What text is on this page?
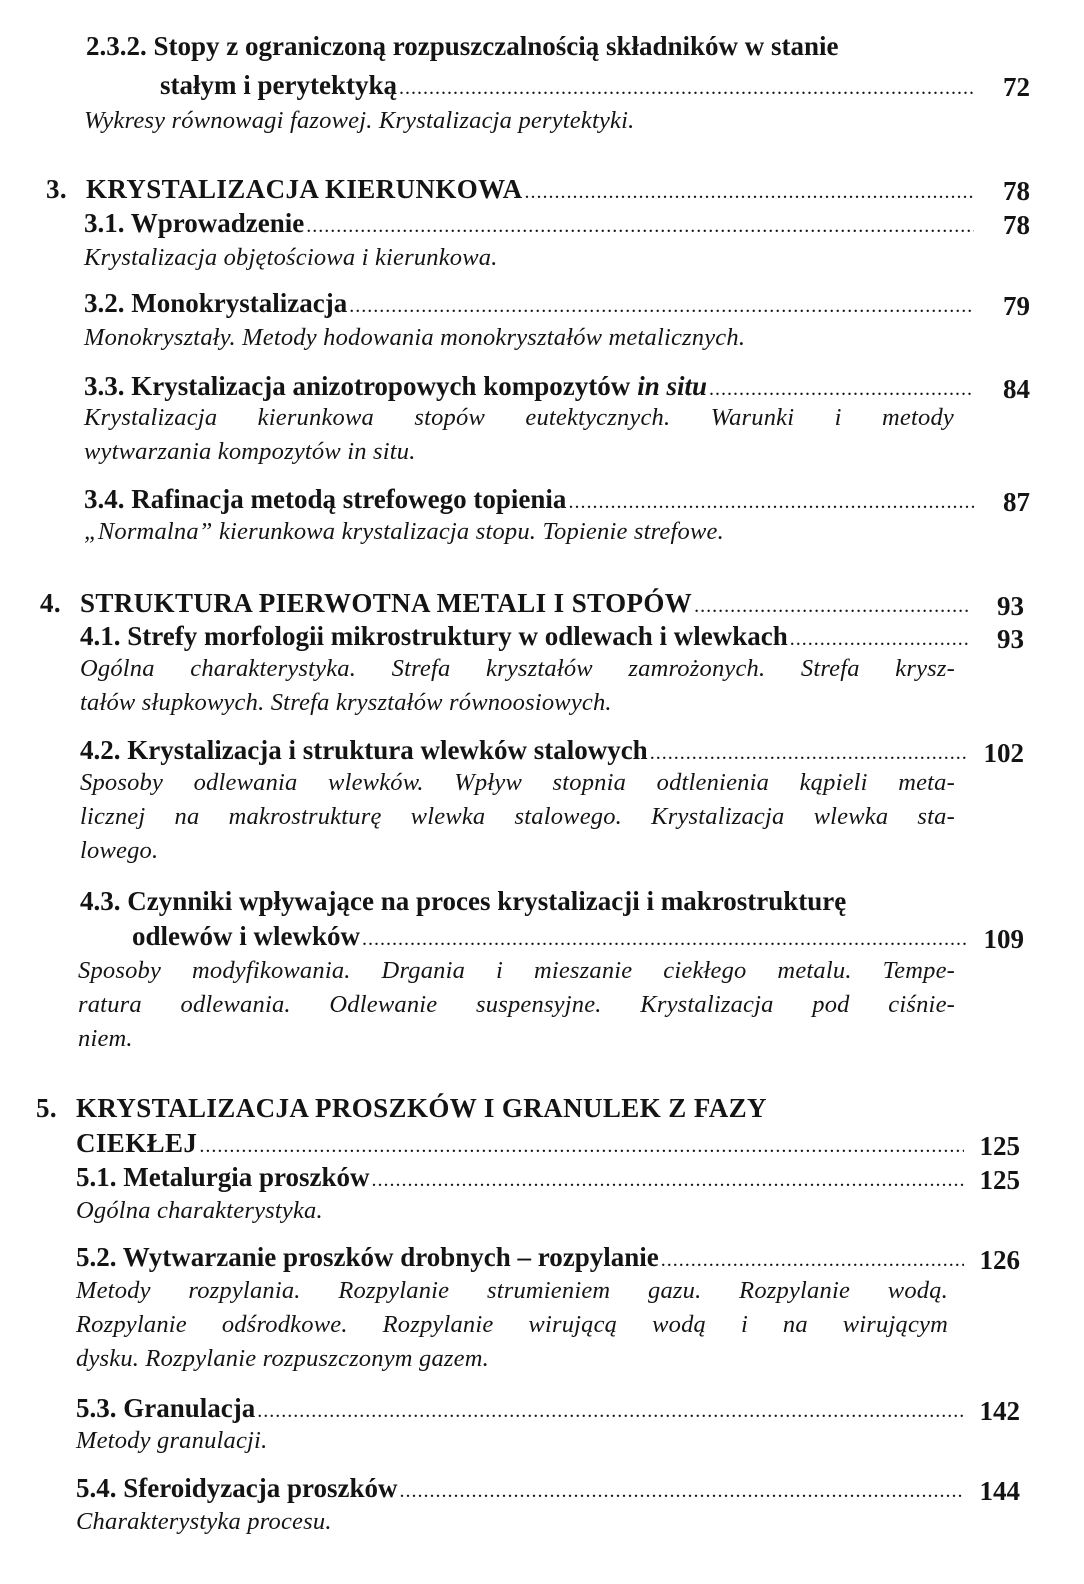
2.3.2. Stopy z ograniczoną rozpuszczalnością składników w stanie
stałym i perytektyką .....	72
Wykresy równowagi fazowej. Krystalizacja perytektyki.
3. KRYSTALIZACJA KIERUNKOWA .....	78
3.1. Wprowadzenie .....	78
Krystalizacja objętościowa i kierunkowa.
3.2. Monokrystalizacja .....	79
Monokryształy. Metody hodowania monokryształów metalicznych.
3.3. Krystalizacja anizotropowych kompozytów in situ .....	84
Krystalizacja kierunkowa stopów eutektycznych. Warunki i metody
wytwarzania kompozytów in situ.
3.4. Rafinacja metodą strefowego topienia .....	87
„Normalna” kierunkowa krystalizacja stopu. Topienie strefowe.
4. STRUKTURA PIERWOTNA METALI I STOPÓW .....	93
4.1. Strefy morfologii mikrostruktury w odlewach i wlewkach .....	93
Ogólna charakterystyka. Strefa kryształów zamrożonych. Strefa krysz-
tałów słupkowych. Strefa kryształów równoosiowych.
4.2. Krystalizacja i struktura wlewków stalowych .....	102
Sposoby odlewania wlewków. Wpływ stopnia odtlenienia kąpieli meta-
licznej na makrostrukturę wlewka stalowego. Krystalizacja wlewka sta-
lowego.
4.3. Czynniki wpływające na proces krystalizacji i makrostrukturę
odlewów i wlewków .....	109
Sposoby modyfikowania. Drgania i mieszanie ciekłego metalu. Tempe-
ratura odlewania. Odlewanie suspensyjne. Krystalizacja pod ciśnie-
niem.
5. KRYSTALIZACJA PROSZKÓW I GRANULEK Z FAZY
CIEKŁEJ .....	125
5.1. Metalurgia proszków .....	125
Ogólna charakterystyka.
5.2. Wytwarzanie proszków drobnych – rozpylanie .....	126
Metody rozpylania. Rozpylanie strumieniem gazu. Rozpylanie wodą.
Rozpylanie odśrodkowe. Rozpylanie wirującą wodą i na wirującym
dysku. Rozpylanie rozpuszczonym gazem.
5.3. Granulacja .....	142
Metody granulacji.
5.4. Sferoidyzacja proszków .....	144
Charakterystyka procesu.
